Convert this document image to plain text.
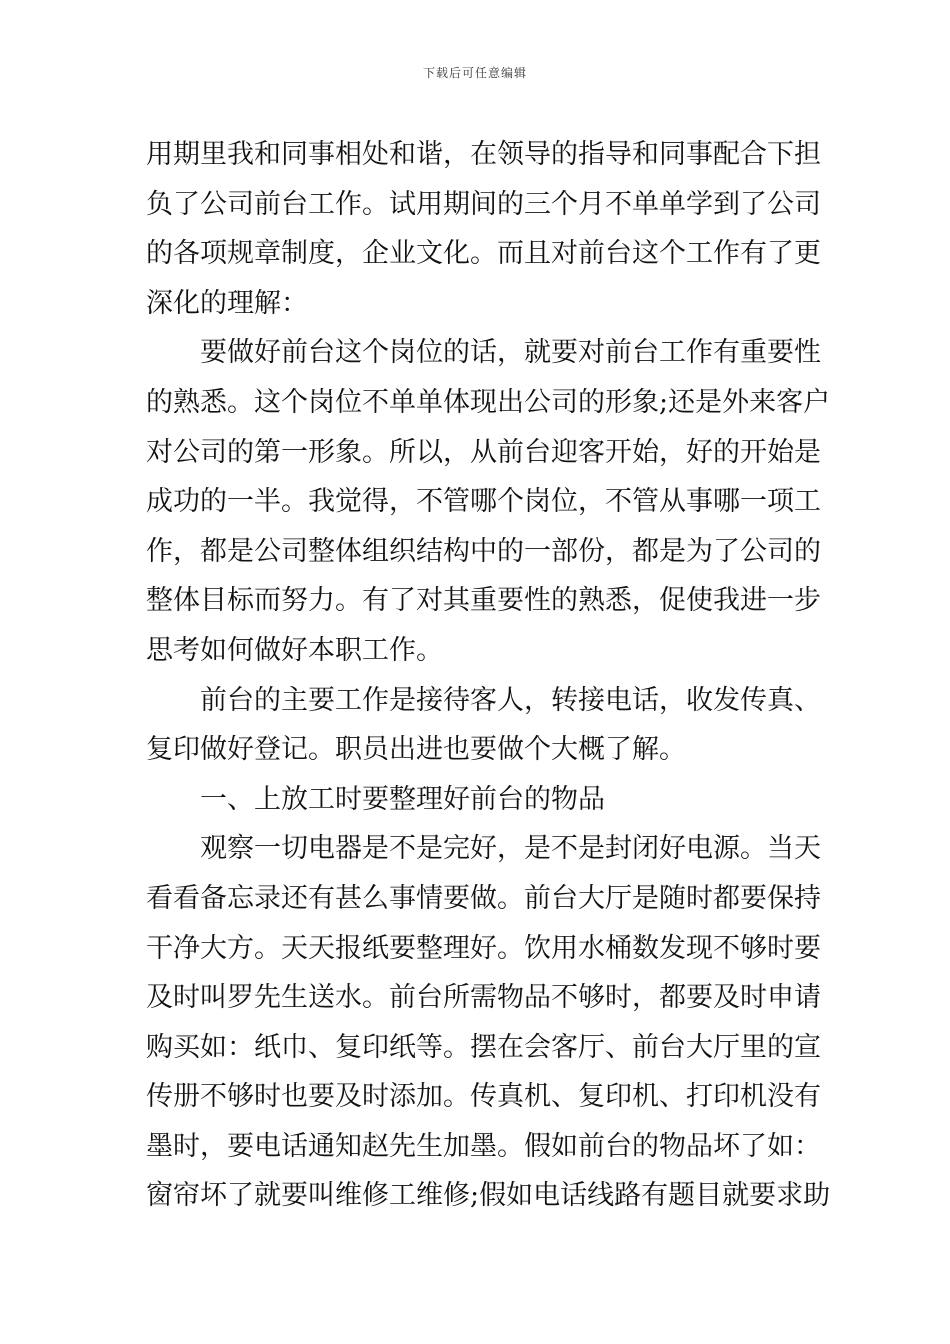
下载后可任意编辑
用期里我和同事相处和谐，在领导的指导和同事配合下担
负了公司前台工作。试用期间的三个月不单单学到了公司
的各项规章制度，企业文化。而且对前台这个工作有了更
深化的理解：
要做好前台这个岗位的话，就要对前台工作有重要性
的熟悉。这个岗位不单单体现出公司的形象;还是外来客户
对公司的第一形象。所以，从前台迎客开始，好的开始是
成功的一半。我觉得，不管哪个岗位，不管从事哪一项工
作，都是公司整体组织结构中的一部份，都是为了公司的
整体目标而努力。有了对其重要性的熟悉，促使我进一步
思考如何做好本职工作。
前台的主要工作是接待客人，转接电话，收发传真、
复印做好登记。职员出进也要做个大概了解。
一、上放工时要整理好前台的物品
观察一切电器是不是完好，是不是封闭好电源。当天
看看备忘录还有甚么事情要做。前台大厅是随时都要保持
干净大方。天天报纸要整理好。饮用水桶数发现不够时要
及时叫罗先生送水。前台所需物品不够时，都要及时申请
购买如：纸巾、复印纸等。摆在会客厅、前台大厅里的宣
传册不够时也要及时添加。传真机、复印机、打印机没有
墨时，要电话通知赵先生加墨。假如前台的物品坏了如：
窗帘坏了就要叫维修工维修;假如电话线路有题目就要求助
